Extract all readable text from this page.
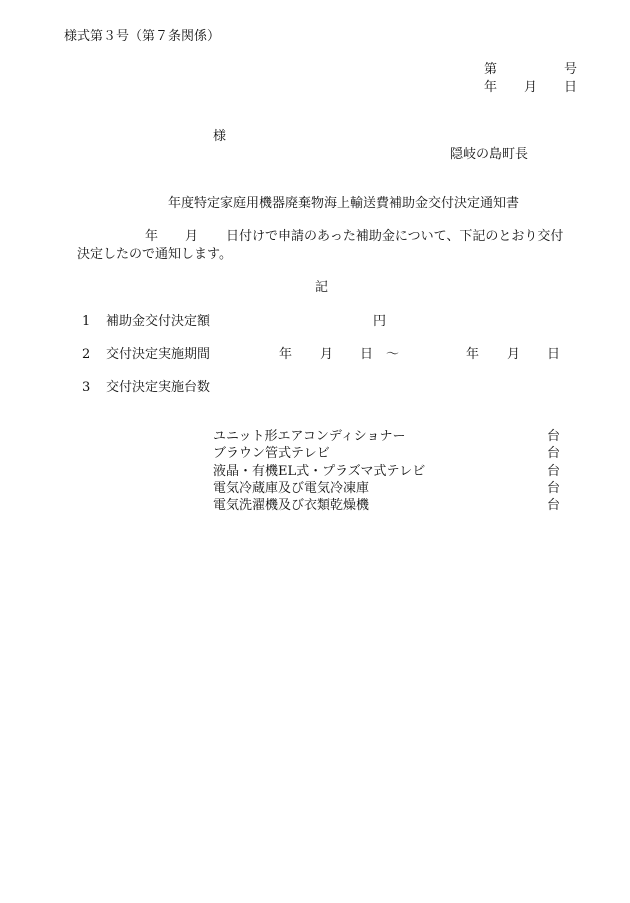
様式第３号（第７条関係）
第	号
年 月 日
様
隠岐の島町長
年度特定家庭用機器廃棄物海上輸送費補助金交付決定通知書
年 月 日付けで申請のあった補助金について、下記のとおり交付
決定したので通知します。
記
1 補助金交付決定額	円
2 交付決定実施期間	年 月 日 ～	年 月 日
3 交付決定実施台数
ユニット形エアコンディショナー	台
ブラウン管式テレビ	台
液晶・有機EL式・プラズマ式テレビ	台
電気冷蔵庫及び電気冷凍庫	台
電気洗濯機及び衣類乾燥機	台
